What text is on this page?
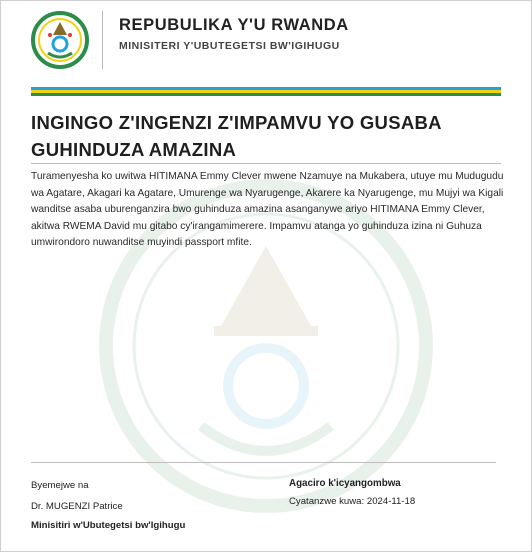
REPUBULIKA Y'U RWANDA
MINISITERI Y'UBUTEGETSI BW'IGIHUGU
INGINGO Z'INGENZI Z'IMPAMVU YO GUSABA GUHINDUZA AMAZINA
Turamenyesha ko uwitwa HITIMANA Emmy Clever mwene Nzamuye na Mukabera, utuye mu Mudugudu wa Agatare, Akagari ka Agatare, Umurenge wa Nyarugenge, Akarere ka Nyarugenge, mu Mujyi wa Kigali wanditse asaba uburenganzira bwo guhinduza amazina asanganywe ariyo HITIMANA Emmy Clever, akitwa RWEMA David mu gitabo cy'irangamimerere. Impamvu atanga yo guhinduza izina ni Guhuza umwirondoro nuwanditse muyindi passport mfite.
Byemejwe na
Dr. MUGENZI Patrice
Minisitiri w'Ubutegetsi bw'Igihugu
Agaciro k'icyangombwa
Cyatanzwe kuwa: 2024-11-18
